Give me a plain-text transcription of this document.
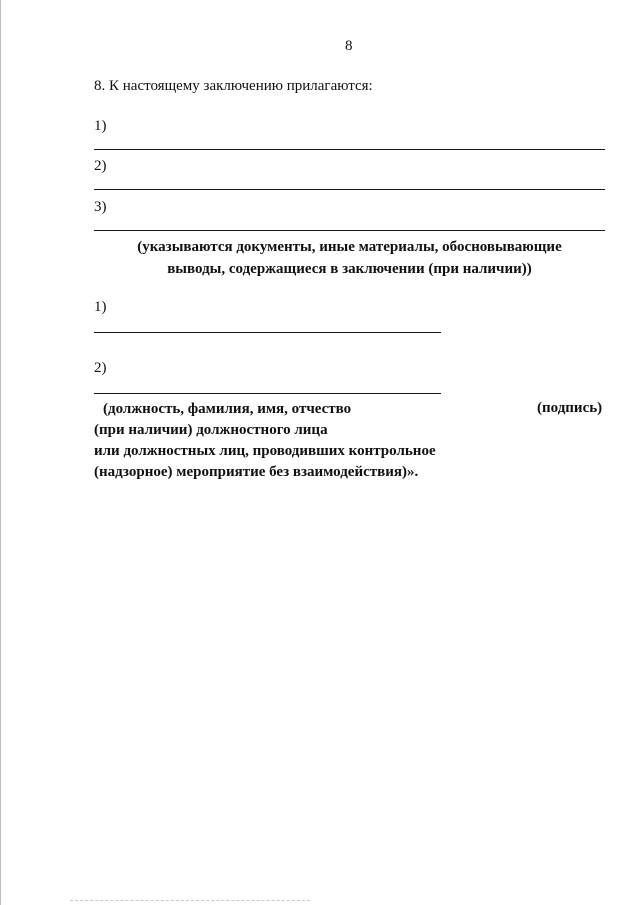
8
8. К настоящему заключению прилагаются:
1)
2)
3)
(указываются документы, иные материалы, обосновывающие
выводы, содержащиеся в заключении (при наличии))
1)
2)
(должность, фамилия, имя, отчество
(при наличии) должностного лица
или должностных лиц, проводивших контрольное
(надзорное) мероприятие без взаимодействия)».
(подпись)
